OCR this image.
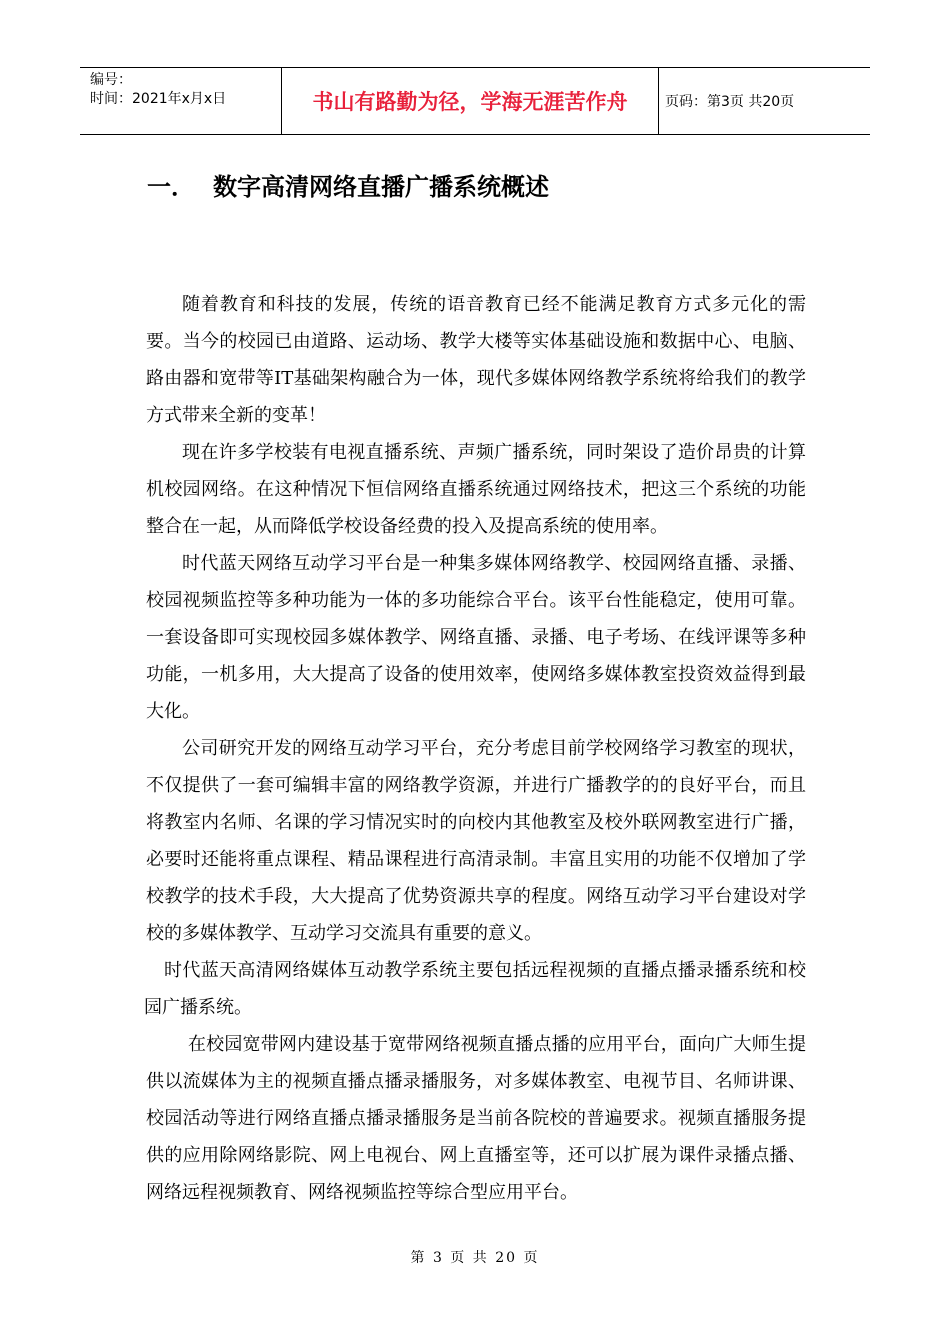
编号：
时间：2021年x月x日	书山有路勤为径，学海无涯苦作舟	页码：第3页 共20页
一． 数字高清网络直播广播系统概述

随着教育和科技的发展，传统的语音教育已经不能满足教育方式多元化的需要。当今的校园已由道路、运动场、教学大楼等实体基础设施和数据中心、电脑、路由器和宽带等IT基础架构融合为一体，现代多媒体网络教学系统将给我们的教学方式带来全新的变革！

现在许多学校装有电视直播系统、声频广播系统，同时架设了造价昂贵的计算机校园网络。在这种情况下恒信网络直播系统通过网络技术，把这三个系统的功能整合在一起，从而降低学校设备经费的投入及提高系统的使用率。

时代蓝天网络互动学习平台是一种集多媒体网络教学、校园网络直播、录播、校园视频监控等多种功能为一体的多功能综合平台。该平台性能稳定，使用可靠。一套设备即可实现校园多媒体教学、网络直播、录播、电子考场、在线评课等多种功能，一机多用，大大提高了设备的使用效率，使网络多媒体教室投资效益得到最大化。

公司研究开发的网络互动学习平台，充分考虑目前学校网络学习教室的现状，不仅提供了一套可编辑丰富的网络教学资源，并进行广播教学的的良好平台，而且将教室内名师、名课的学习情况实时的向校内其他教室及校外联网教室进行广播，必要时还能将重点课程、精品课程进行高清录制。丰富且实用的功能不仅增加了学校教学的技术手段，大大提高了优势资源共享的程度。网络互动学习平台建设对学校的多媒体教学、互动学习交流具有重要的意义。

时代蓝天高清网络媒体互动教学系统主要包括远程视频的直播点播录播系统和校园广播系统。

在校园宽带网内建设基于宽带网络视频直播点播的应用平台，面向广大师生提供以流媒体为主的视频直播点播录播服务，对多媒体教室、电视节目、名师讲课、校园活动等进行网络直播点播录播服务是当前各院校的普遍要求。视频直播服务提供的应用除网络影院、网上电视台、网上直播室等，还可以扩展为课件录播点播、网络远程视频教育、网络视频监控等综合型应用平台。

第 3 页 共 20 页
